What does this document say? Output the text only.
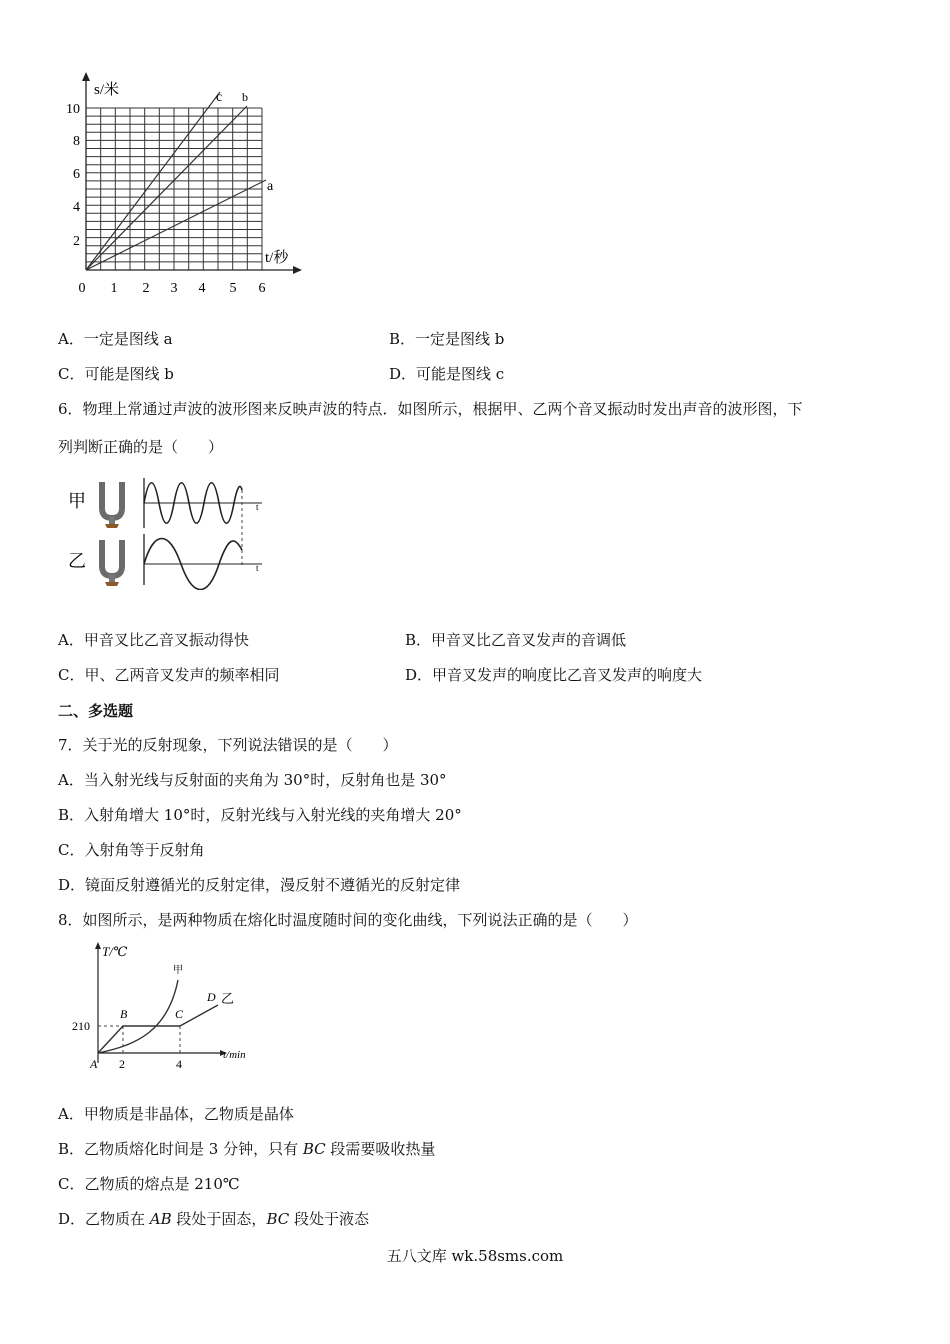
s/米
t/秒
c b
a
10
8
6
4
2
0 1 2 3 4 5 6
A．一定是图线 a	B．一定是图线 b
C．可能是图线 b	D．可能是图线 c
6．物理上常通过声波的波形图来反映声波的特点．如图所示，根据甲、乙两个音叉振动时发出声音的波形图，下
列判断正确的是（　　）
甲	t
乙	t
A．甲音叉比乙音叉振动得快	B．甲音叉比乙音叉发声的音调低
C．甲、乙两音叉发声的频率相同	D．甲音叉发声的响度比乙音叉发声的响度大
二、多选题
7．关于光的反射现象，下列说法错误的是（　　）
A．当入射光线与反射面的夹角为 30°时，反射角也是 30°
B．入射角增大 10°时，反射光线与入射光线的夹角增大 20°
C．入射角等于反射角
D．镜面反射遵循光的反射定律，漫反射不遵循光的反射定律
8．如图所示，是两种物质在熔化时温度随时间的变化曲线，下列说法正确的是（　　）
T/℃
t/min
210
甲
乙
A
B	C
D
2	4
A．甲物质是非晶体，乙物质是晶体
B．乙物质熔化时间是 3 分钟，只有 BC 段需要吸收热量
C．乙物质的熔点是 210℃
D．乙物质在 AB 段处于固态，BC 段处于液态
五八文库 wk.58sms.com
